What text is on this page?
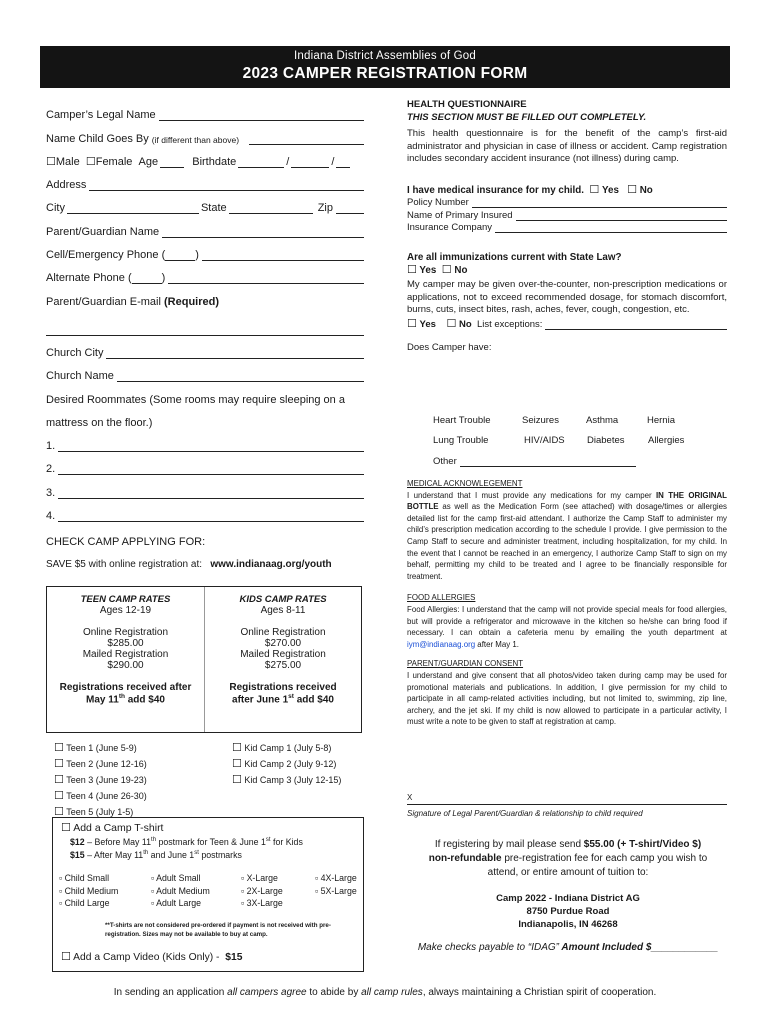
Indiana District Assemblies of God
2023 CAMPER REGISTRATION FORM
Camper’s Legal Name
Name Child Goes By
(if different than above)
☐ Male
☐ Female
Age
	Birthdate	/	/
Address
City	State
	Zip
Parent/Guardian Name
Cell/Emergency Phone
(	)
Alternate Phone
(	)
Parent/Guardian E-mail
(Required)
Church City
Church Name
Desired Roommates (Some rooms may require sleeping on a
mattress on the floor.)
1.
2.
3.
4.
CHECK CAMP APPLYING FOR:
SAVE $5 with online registration at:
www.indianaag.org/youth
TEEN CAMP RATES
Ages 12-19
Online Registration
$285.00
Mailed Registration
$290.00
Registrations received after
May 11th add $40
KIDS CAMP RATES
Ages 8-11
Online Registration
$270.00
Mailed Registration
$275.00
Registrations received
after June 1st add $40
☐ Teen 1 (June 5-9)
☐ Teen 2 (June 12-16)
☐ Teen 3 (June 19-23)
☐ Teen 4 (June 26-30)
☐ Teen 5 (July 1-5)
☐ Kid Camp 1 (July 5-8)
☐ Kid Camp 2 (July 9-12)
☐ Kid Camp 3 (July 12-15)
☐ Add a Camp T-shirt
$12 – Before May 11th postmark for Teen & June 1st for Kids
$15 – After May 11th and June 1st postmarks
▫ Child Small
▫ Child Medium
▫ Child Large
▫ Adult Small
▫ Adult Medium
▫ Adult Large
▫ X-Large
▫ 2X-Large
▫ 3X-Large
▫ 4X-Large
▫ 5X-Large
**T-shirts are not considered pre-ordered if payment is not received with pre-
registration. Sizes may not be available to buy at camp.
☐ Add a Camp Video (Kids Only) - $15
HEALTH QUESTIONNAIRE
THIS SECTION MUST BE FILLED OUT COMPLETELY.

This health questionnaire is for the benefit of the camp’s first-aid administrator and physician in case of illness or accident. Camp registration includes secondary accident insurance (not illness) during camp.

I have medical insurance for my child. ☐ Yes ☐ No
Policy Number
Name of Primary Insured
Insurance Company
Are all immunizations current with State Law?
☐ Yes ☐ No

My camper may be given over-the-counter, non-prescription medications or applications, not to exceed recommended dosage, for stomach discomfort, burns, cuts, insect bites, rash, aches, fever, cough, congestion, etc.

☐
Yes
☐
No
List exceptions:
Does Camper have:
Heart Trouble	Seizures	Asthma	Hernia
Lung Trouble	HIV/AIDS Diabetes Allergies
Other
MEDICAL ACKNOWLEGEMENT
I understand that I must provide any medications for my camper IN THE ORIGINAL BOTTLE as well as the Medication Form (see attached) with dosage/times or allergies detailed list for the camp first-aid attendant. I authorize the Camp Staff to administer my child’s prescription medication according to the schedule I provide. I give permission to the Camp Staff to secure and administer treatment, including hospitalization, for my child. In the event that I cannot be reached in an emergency, I authorize Camp Staff to sign on my behalf, permitting my child to be treated and I agree to be financially responsible for treatment.
FOOD ALLERGIES
Food Allergies: I understand that the camp will not provide special meals for food allergies, but will provide a refrigerator and microwave in the kitchen so he/she can bring food if necessary. I can obtain a cafeteria menu by emailing the youth department at iym@indianaag.org after May 1.
PARENT/GUARDIAN CONSENT
I understand and give consent that all photos/video taken during camp may be used for promotional materials and publications. In addition, I give permission for my child to participate in all camp-related activities including, but not limited to, swimming, zip line, archery, and the jet ski. If my child is now allowed to participate in a particular activity, I must write a note to be given to staff at registration at camp.
X
Signature of Legal Parent/Guardian & relationship to child required
If registering by mail please send $55.00 (+ T-shirt/Video $)
non-refundable pre-registration fee for each camp you wish to
attend, or entire amount of tuition to:
Camp 2022 - Indiana District AG
8750 Purdue Road
Indianapolis, IN 46268
Make checks payable to “IDAG” Amount Included $____________
In sending an application all campers agree to abide by all camp rules, always maintaining a Christian spirit of cooperation.
